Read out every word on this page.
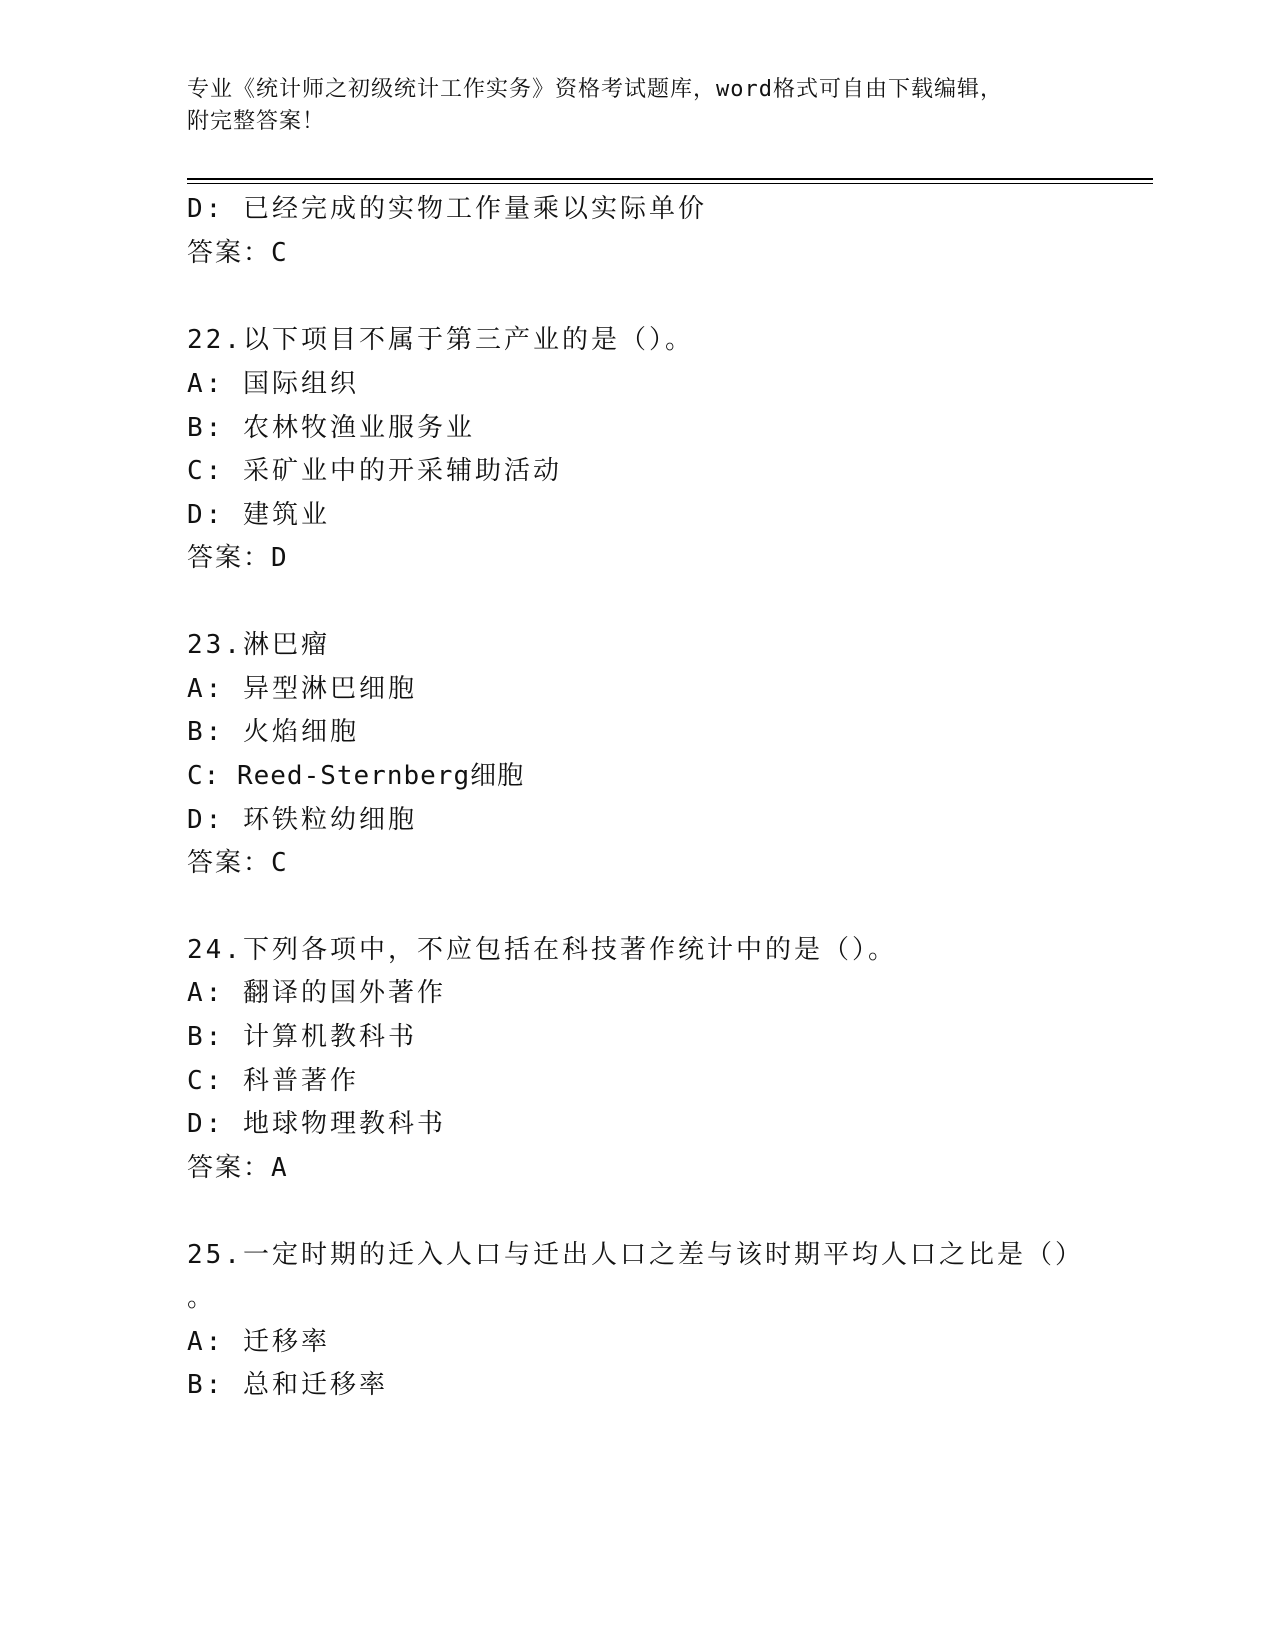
专业《统计师之初级统计工作实务》资格考试题库，word格式可自由下载编辑，
附完整答案！
D: 已经完成的实物工作量乘以实际单价
答案：C
22.以下项目不属于第三产业的是（）。
A: 国际组织
B: 农林牧渔业服务业
C: 采矿业中的开采辅助活动
D: 建筑业
答案：D
23.淋巴瘤
A: 异型淋巴细胞
B: 火焰细胞
C: Reed-Sternberg细胞
D: 环铁粒幼细胞
答案：C
24.下列各项中，不应包括在科技著作统计中的是（）。
A: 翻译的国外著作
B: 计算机教科书
C: 科普著作
D: 地球物理教科书
答案：A
25.一定时期的迁入人口与迁出人口之差与该时期平均人口之比是（）
。
A: 迁移率
B: 总和迁移率
